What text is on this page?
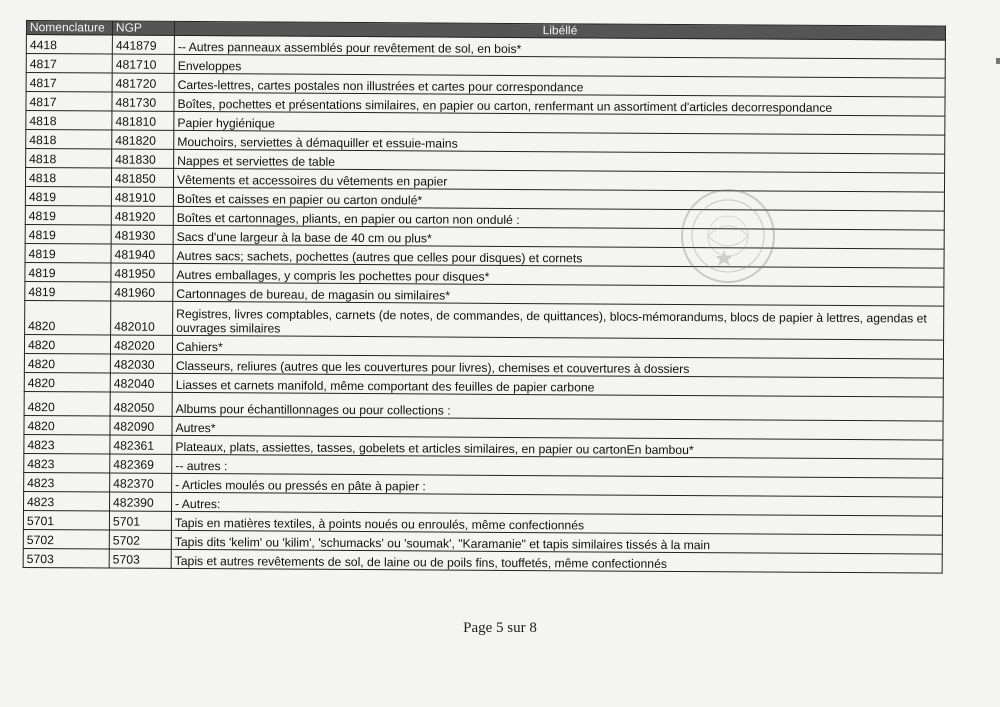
Nomenclature	NGP	Libéllé
4418	441879	-- Autres panneaux assemblés pour revêtement de sol, en bois*
4817	481710	Enveloppes
4817	481720	Cartes-lettres, cartes postales non illustrées et cartes pour correspondance
4817	481730	Boîtes, pochettes et présentations similaires, en papier ou carton, renfermant un assortiment d'articles decorrespondance
4818	481810	Papier hygiénique
4818	481820	Mouchoirs, serviettes à démaquiller et essuie-mains
4818	481830	Nappes et serviettes de table
4818	481850	Vêtements et accessoires du vêtements en papier
4819	481910	Boîtes et caisses en papier ou carton ondulé*
4819	481920	Boîtes et cartonnages, pliants, en papier ou carton non ondulé :
4819	481930	Sacs d'une largeur à la base de 40 cm ou plus*
4819	481940	Autres sacs; sachets, pochettes (autres que celles pour disques) et cornets
4819	481950	Autres emballages, y compris les pochettes pour disques*
4819	481960	Cartonnages de bureau, de magasin ou similaires*
4820	482010	Registres, livres comptables, carnets (de notes, de commandes, de quittances), blocs-mémorandums, blocs de papier à lettres, agendas et ouvrages similaires
4820	482020	Cahiers*
4820	482030	Classeurs, reliures (autres que les couvertures pour livres), chemises et couvertures à dossiers
4820	482040	Liasses et carnets manifold, même comportant des feuilles de papier carbone
4820	482050	Albums pour échantillonnages ou pour collections :
4820	482090	Autres*
4823	482361	Plateaux, plats, assiettes, tasses, gobelets et articles similaires, en papier ou cartonEn bambou*
4823	482369	-- autres :
4823	482370	- Articles moulés ou pressés en pâte à papier :
4823	482390	- Autres:
5701	5701	Tapis en matières textiles, à points noués ou enroulés, même confectionnés
5702	5702	Tapis dits 'kelim' ou 'kilim', 'schumacks' ou 'soumak', "Karamanie" et tapis similaires tissés à la main
5703	5703	Tapis et autres revêtements de sol, de laine ou de poils fins, touffetés, même confectionnés
Page 5 sur 8
